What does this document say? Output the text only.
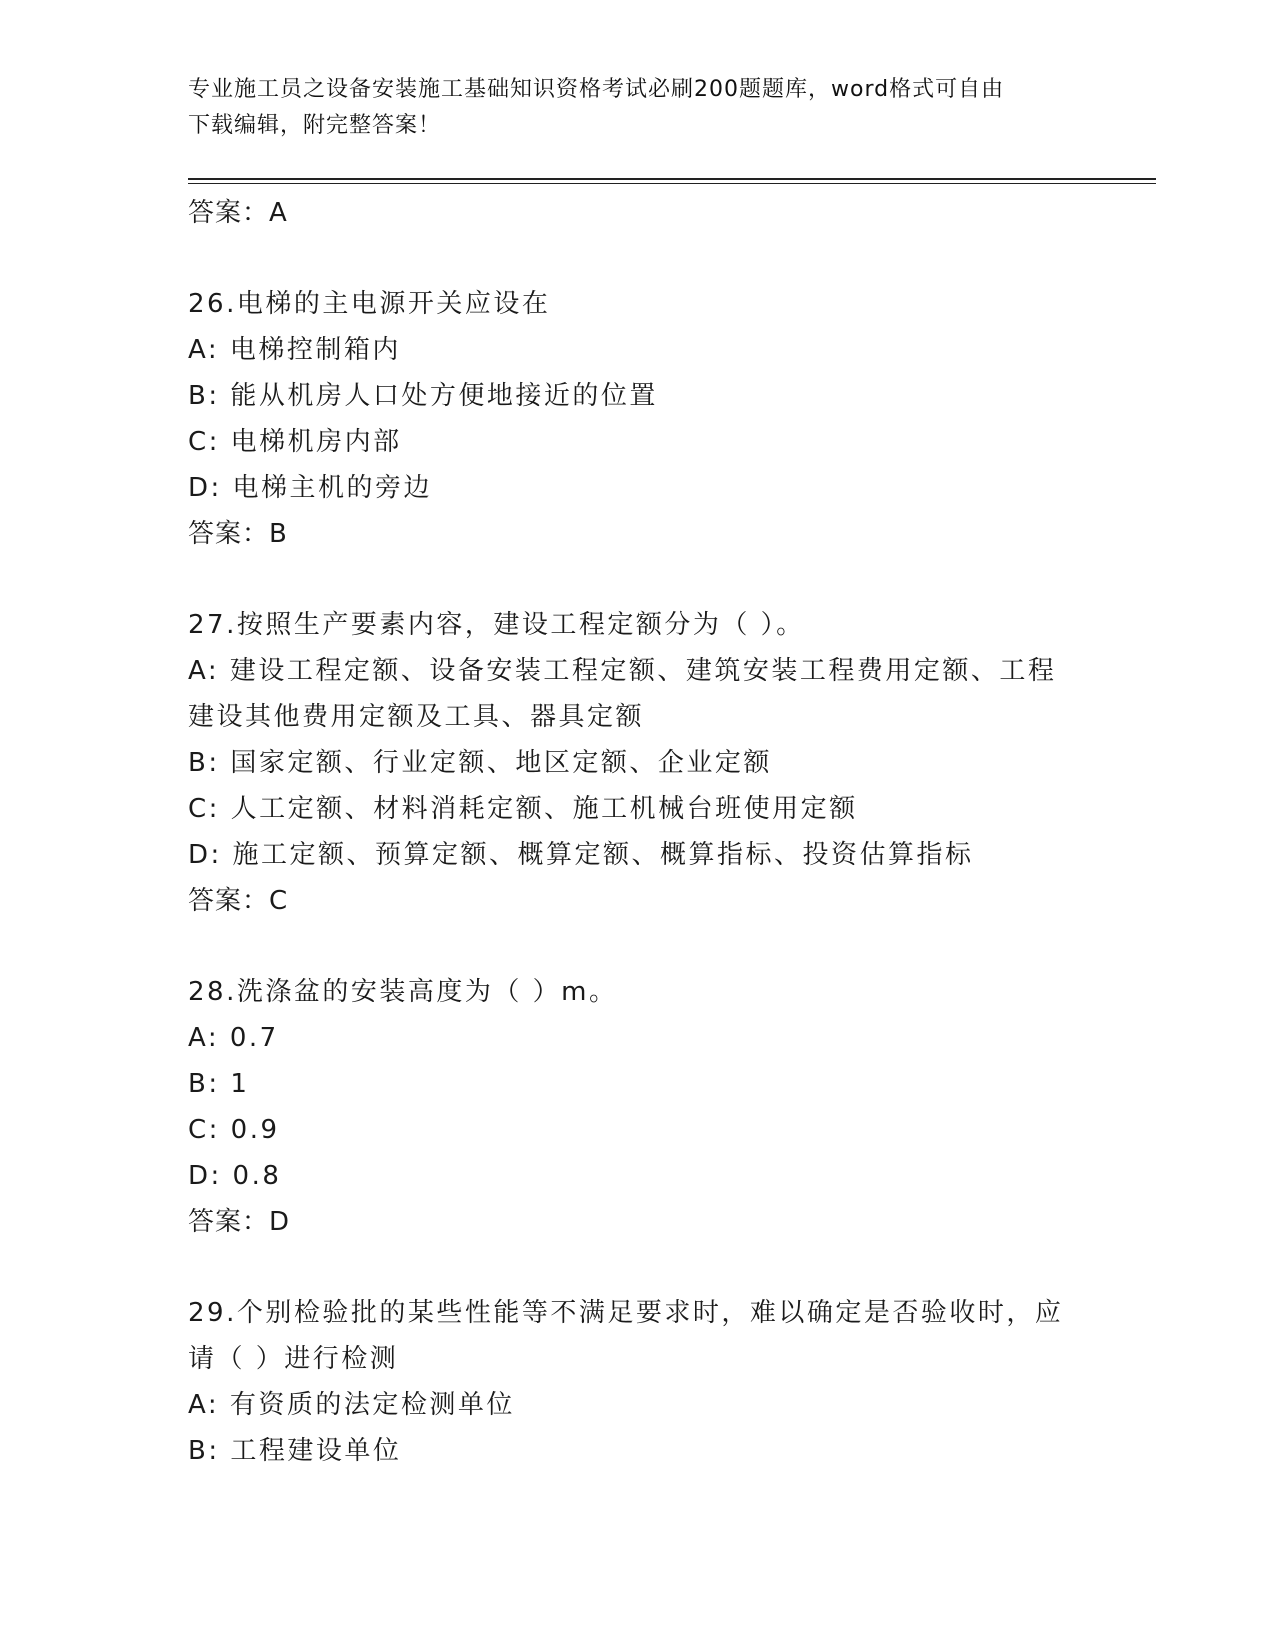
专业施工员之设备安装施工基础知识资格考试必刷200题题库，word格式可自由
下载编辑，附完整答案！
答案：A
26.电梯的主电源开关应设在
A: 电梯控制箱内
B: 能从机房人口处方便地接近的位置
C: 电梯机房内部
D: 电梯主机的旁边
答案：B
27.按照生产要素内容，建设工程定额分为（ ）。
A: 建设工程定额、设备安装工程定额、建筑安装工程费用定额、工程
建设其他费用定额及工具、器具定额
B: 国家定额、行业定额、地区定额、企业定额
C: 人工定额、材料消耗定额、施工机械台班使用定额
D: 施工定额、预算定额、概算定额、概算指标、投资估算指标
答案：C
28.洗涤盆的安装高度为（ ）m。
A: 0.7
B: 1
C: 0.9
D: 0.8
答案：D
29.个别检验批的某些性能等不满足要求时，难以确定是否验收时，应
请（ ）进行检测
A: 有资质的法定检测单位
B: 工程建设单位
